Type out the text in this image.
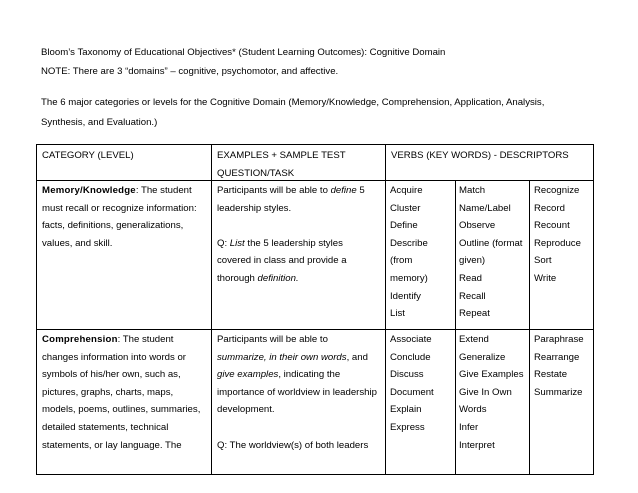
Bloom’s Taxonomy of Educational Objectives* (Student Learning Outcomes): Cognitive Domain
NOTE: There are 3 “domains” – cognitive, psychomotor, and affective.
The 6 major categories or levels for the Cognitive Domain (Memory/Knowledge, Comprehension, Application, Analysis,
Synthesis, and Evaluation.)
CATEGORY (LEVEL)	EXAMPLES + SAMPLE TEST
QUESTION/TASK
VERBS (KEY WORDS) - DESCRIPTORS
Memory/Knowledge: The student
must recall or recognize information:
facts, definitions, generalizations,
values, and skill.
Participants will be able to define 5
leadership styles.
Q: List the 5 leadership styles
covered in class and provide a
thorough definition.
Acquire
Cluster
Define
Describe
(from
memory)
Identify
List
Match
Name/Label
Observe
Outline (format
given)
Read
Recall
Repeat
Recognize
Record
Recount
Reproduce
Sort
Write
Comprehension: The student
changes information into words or
symbols of his/her own, such as,
pictures, graphs, charts, maps,
models, poems, outlines, summaries,
detailed statements, technical
statements, or lay language. The
Participants will be able to
summarize, in their own words, and
give examples, indicating the
importance of worldview in leadership
development.
Q: The worldview(s) of both leaders
Associate
Conclude
Discuss
Document
Explain
Express
Extend
Generalize
Give Examples
Give In Own
Words
Infer
Interpret
Paraphrase
Rearrange
Restate
Summarize
